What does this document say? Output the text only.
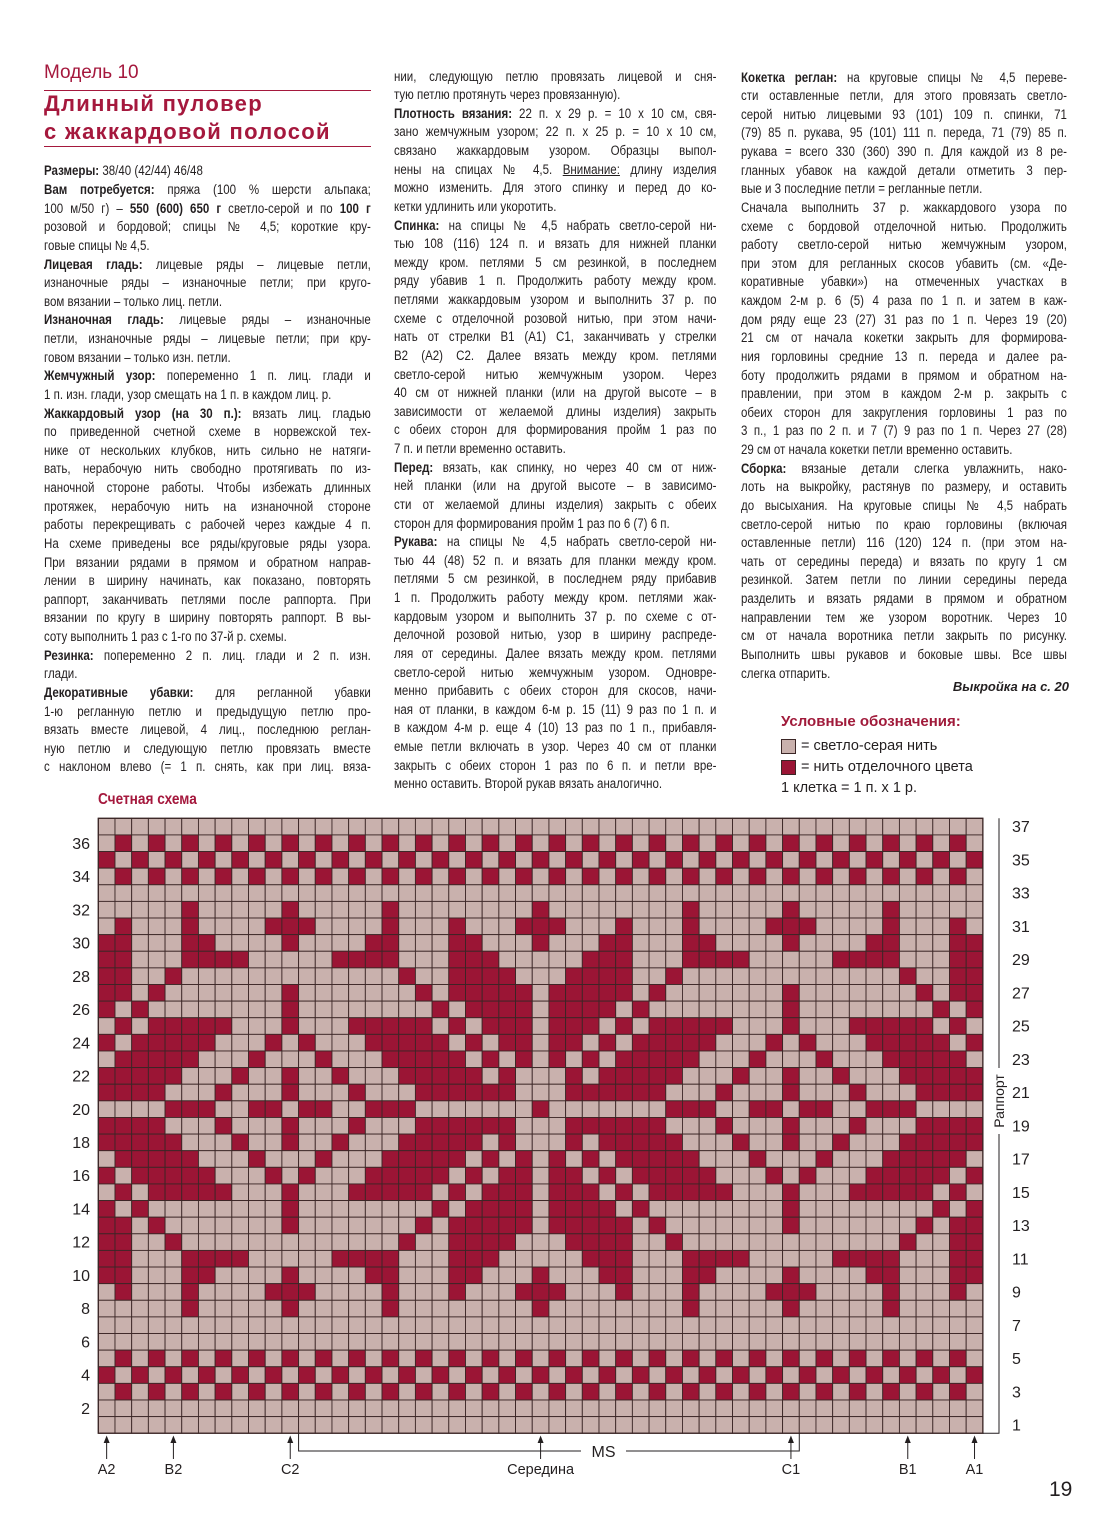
Модель 10
Длинный пуловер
с жаккардовой полосой
Размеры: 38/40 (42/44) 46/48
Вам потребуется: пряжа (100 % шерсти альпака;
100 м/50 г) – 550 (600) 650 г светло-серой и по 100 г
розовой и бордовой; спицы № 4,5; короткие кру-
говые спицы № 4,5.
Лицевая гладь: лицевые ряды – лицевые петли,
изнаночные ряды – изнаночные петли; при круго-
вом вязании – только лиц. петли.
Изнаночная гладь: лицевые ряды – изнаночные
петли, изнаночные ряды – лицевые петли; при кру-
говом вязании – только изн. петли.
Жемчужный узор: попеременно 1 п. лиц. глади и
1 п. изн. глади, узор смещать на 1 п. в каждом лиц. р.
Жаккардовый узор (на 30 п.): вязать лиц. гладью
по приведенной счетной схеме в норвежской тех-
нике от нескольких клубков, нить сильно не натяги-
вать, нерабочую нить свободно протягивать по из-
наночной стороне работы. Чтобы избежать длинных
протяжек, нерабочую нить на изнаночной стороне
работы перекрещивать с рабочей через каждые 4 п.
На схеме приведены все ряды/круговые ряды узора.
При вязании рядами в прямом и обратном направ-
лении в ширину начинать, как показано, повторять
раппорт, заканчивать петлями после раппорта. При
вязании по кругу в ширину повторять раппорт. В вы-
соту выполнить 1 раз с 1-го по 37-й р. схемы.
Резинка: попеременно 2 п. лиц. глади и 2 п. изн.
глади.
Декоративные убавки: для регланной убавки
1-ю регланную петлю и предыдущую петлю про-
вязать вместе лицевой, 4 лиц., последнюю реглан-
ную петлю и следующую петлю провязать вместе
с наклоном влево (= 1 п. снять, как при лиц. вяза-
нии, следующую петлю провязать лицевой и сня-
тую петлю протянуть через провязанную).
Плотность вязания: 22 п. х 29 р. = 10 х 10 см, свя-
зано жемчужным узором; 22 п. х 25 р. = 10 х 10 см,
связано жаккардовым узором. Образцы выпол-
нены на спицах № 4,5. Внимание: длину изделия
можно изменить. Для этого спинку и перед до ко-
кетки удлинить или укоротить.
Спинка: на спицы № 4,5 набрать светло-серой ни-
тью 108 (116) 124 п. и вязать для нижней планки
между кром. петлями 5 см резинкой, в последнем
ряду убавив 1 п. Продолжить работу между кром.
петлями жаккардовым узором и выполнить 37 р. по
схеме с отделочной розовой нитью, при этом начи-
нать от стрелки B1 (A1) C1, заканчивать у стрелки
B2 (A2) C2. Далее вязать между кром. петлями
светло-серой нитью жемчужным узором. Через
40 см от нижней планки (или на другой высоте – в
зависимости от желаемой длины изделия) закрыть
с обеих сторон для формирования пройм 1 раз по
7 п. и петли временно оставить.
Перед: вязать, как спинку, но через 40 см от ниж-
ней планки (или на другой высоте – в зависимо-
сти от желаемой длины изделия) закрыть с обеих
сторон для формирования пройм 1 раз по 6 (7) 6 п.
Рукава: на спицы № 4,5 набрать светло-серой ни-
тью 44 (48) 52 п. и вязать для планки между кром.
петлями 5 см резинкой, в последнем ряду прибавив
1 п. Продолжить работу между кром. петлями жак-
кардовым узором и выполнить 37 р. по схеме с от-
делочной розовой нитью, узор в ширину распреде-
ляя от середины. Далее вязать между кром. петлями
светло-серой нитью жемчужным узором. Одновре-
менно прибавить с обеих сторон для скосов, начи-
ная от планки, в каждом 6-м р. 15 (11) 9 раз по 1 п. и
в каждом 4-м р. еще 4 (10) 13 раз по 1 п., прибавля-
емые петли включать в узор. Через 40 см от планки
закрыть с обеих сторон 1 раз по 6 п. и петли вре-
менно оставить. Второй рукав вязать аналогично.
Кокетка реглан: на круговые спицы № 4,5 переве-
сти оставленные петли, для этого провязать светло-
серой нитью лицевыми 93 (101) 109 п. спинки, 71
(79) 85 п. рукава, 95 (101) 111 п. переда, 71 (79) 85 п.
рукава = всего 330 (360) 390 п. Для каждой из 8 ре-
гланных убавок на каждой детали отметить 3 пер-
вые и 3 последние петли = регланные петли.
Сначала выполнить 37 р. жаккардового узора по
схеме с бордовой отделочной нитью. Продолжить
работу светло-серой нитью жемчужным узором,
при этом для регланных скосов убавить (см. «Де-
коративные убавки») на отмеченных участках в
каждом 2-м р. 6 (5) 4 раза по 1 п. и затем в каж-
дом ряду еще 23 (27) 31 раз по 1 п. Через 19 (20)
21 см от начала кокетки закрыть для формирова-
ния горловины средние 13 п. переда и далее ра-
боту продолжить рядами в прямом и обратном на-
правлении, при этом в каждом 2-м р. закрыть с
обеих сторон для закругления горловины 1 раз по
3 п., 1 раз по 2 п. и 7 (7) 9 раз по 1 п. Через 27 (28)
29 см от начала кокетки петли временно оставить.
Сборка: вязаные детали слегка увлажнить, нако-
лоть на выкройку, растянув по размеру, и оставить
до высыхания. На круговые спицы № 4,5 набрать
светло-серой нитью по краю горловины (включая
оставленные петли) 116 (120) 124 п. (при этом на-
чать от середины переда) и вязать по кругу 1 см
резинкой. Затем петли по линии середины переда
разделить и вязать рядами в прямом и обратном
направлении тем же узором воротник. Через 10
см от начала воротника петли закрыть по рисунку.
Выполнить швы рукавов и боковые швы. Все швы
слегка отпарить.
Выкройка на с. 20
Условные обозначения:
= светло-серая нить
= нить отделочного цвета
1 клетка = 1 п. х 1 р.
Счетная схема
36
34
32
30
28
26
24
22
20
18
16
14
12
10
8
6
4
2
37
35
33
31
29
27
25
23
21
19
17
15
13
11
9
7
5
3
1
A2	B2	C2	Середина	C1	B1	A1
MS
Раппорт
19
